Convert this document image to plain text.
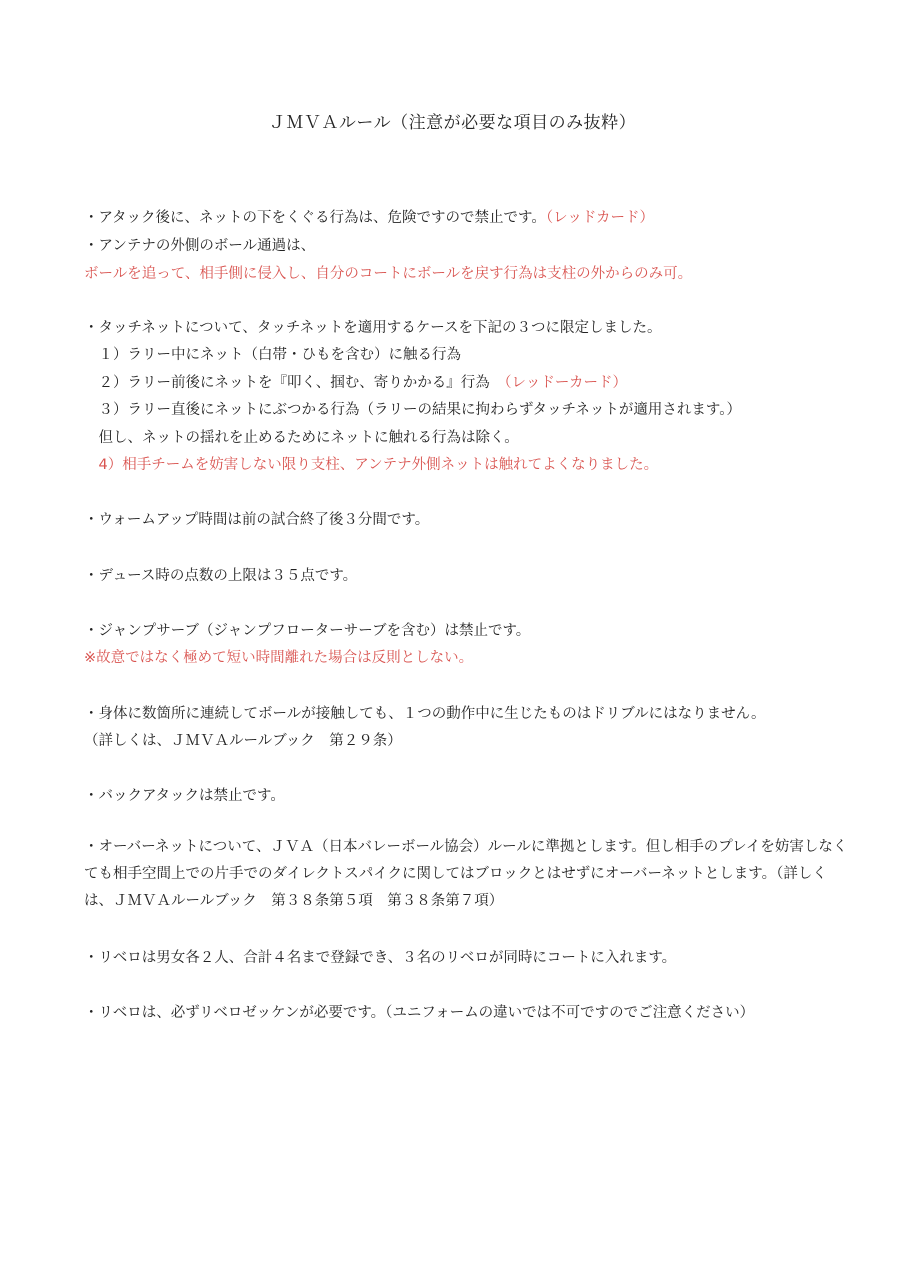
ＪＭＶＡルール（注意が必要な項目のみ抜粋）
・アタック後に、ネットの下をくぐる行為は、危険ですので禁止です。（レッドカード）
・アンテナの外側のボール通過は、
ボールを追って、相手側に侵入し、自分のコートにボールを戻す行為は支柱の外からのみ可。
・タッチネットについて、タッチネットを適用するケースを下記の３つに限定しました。
　１）ラリー中にネット（白帯・ひもを含む）に触る行為
　２）ラリー前後にネットを『叩く、掴む、寄りかかる』行為　（レッドーカード）
　３）ラリー直後にネットにぶつかる行為（ラリーの結果に拘わらずタッチネットが適用されます。）
　但し、ネットの揺れを止めるためにネットに触れる行為は除く。
　4）相手チームを妨害しない限り支柱、アンテナ外側ネットは触れてよくなりました。
・ウォームアップ時間は前の試合終了後３分間です。
・デュース時の点数の上限は３５点です。
・ジャンプサーブ（ジャンプフローターサーブを含む）は禁止です。
※故意ではなく極めて短い時間離れた場合は反則としない。
・身体に数箇所に連続してボールが接触しても、１つの動作中に生じたものはドリブルにはなりません。
（詳しくは、ＪＭＶＡルールブック　第２９条）
・バックアタックは禁止です。
・オーバーネットについて、ＪＶＡ（日本バレーボール協会）ルールに準拠とします。但し相手のプレイを妨害しなくても相手空間上での片手でのダイレクトスパイクに関してはブロックとはせずにオーバーネットとします。（詳しくは、ＪＭＶＡルールブック　第３８条第５項　第３８条第７項）
・リベロは男女各２人、合計４名まで登録でき、３名のリベロが同時にコートに入れます。
・リベロは、必ずリベロゼッケンが必要です。（ユニフォームの違いでは不可ですのでご注意ください）
